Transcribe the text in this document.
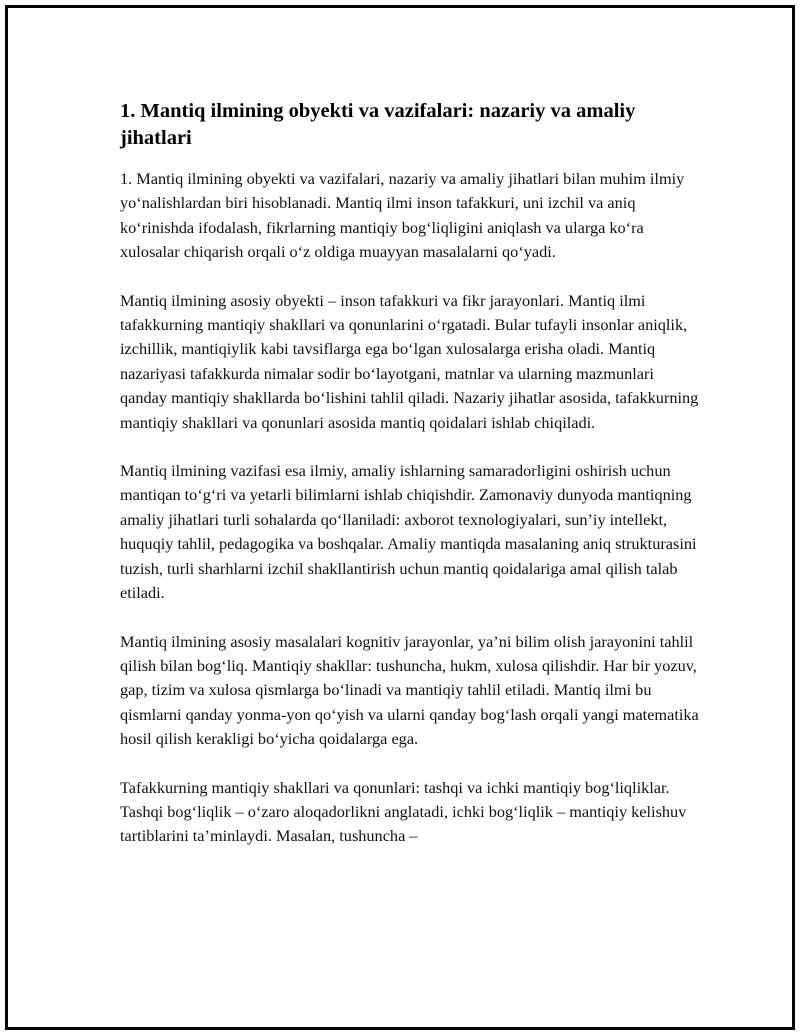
1. Mantiq ilmining obyekti va vazifalari: nazariy va amaliy jihatlari

1. Mantiq ilmining obyekti va vazifalari, nazariy va amaliy jihatlari bilan muhim ilmiy yo‘nalishlardan biri hisoblanadi. Mantiq ilmi inson tafakkuri, uni izchil va aniq ko‘rinishda ifodalash, fikrlarning mantiqiy bog‘liqligini aniqlash va ularga ko‘ra xulosalar chiqarish orqali o‘z oldiga muayyan masalalarni qo‘yadi.

Mantiq ilmining asosiy obyekti – inson tafakkuri va fikr jarayonlari. Mantiq ilmi tafakkurning mantiqiy shakllari va qonunlarini o‘rgatadi. Bular tufayli insonlar aniqlik, izchillik, mantiqiylik kabi tavsiflarga ega bo‘lgan xulosalarga erisha oladi. Mantiq nazariyasi tafakkurda nimalar sodir bo‘layotgani, matnlar va ularning mazmunlari qanday mantiqiy shakllarda bo‘lishini tahlil qiladi. Nazariy jihatlar asosida, tafakkurning mantiqiy shakllari va qonunlari asosida mantiq qoidalari ishlab chiqiladi.

Mantiq ilmining vazifasi esa ilmiy, amaliy ishlarning samaradorligini oshirish uchun mantiqan to‘g‘ri va yetarli bilimlarni ishlab chiqishdir. Zamonaviy dunyoda mantiqning amaliy jihatlari turli sohalarda qo‘llaniladi: axborot texnologiyalari, sun’iy intellekt, huquqiy tahlil, pedagogika va boshqalar. Amaliy mantiqda masalaning aniq strukturasini tuzish, turli sharhlarni izchil shakllantirish uchun mantiq qoidalariga amal qilish talab etiladi.

Mantiq ilmining asosiy masalalari kognitiv jarayonlar, ya’ni bilim olish jarayonini tahlil qilish bilan bog‘liq. Mantiqiy shakllar: tushuncha, hukm, xulosa qilishdir. Har bir yozuv, gap, tizim va xulosa qismlarga bo‘linadi va mantiqiy tahlil etiladi. Mantiq ilmi bu qismlarni qanday yonma-yon qo‘yish va ularni qanday bog‘lash orqali yangi matematika hosil qilish kerakligi bo‘yicha qoidalarga ega.

Tafakkurning mantiqiy shakllari va qonunlari: tashqi va ichki mantiqiy bog‘liqliklar. Tashqi bog‘liqlik – o‘zaro aloqadorlikni anglatadi, ichki bog‘liqlik – mantiqiy kelishuv tartiblarini ta’minlaydi. Masalan, tushuncha –
